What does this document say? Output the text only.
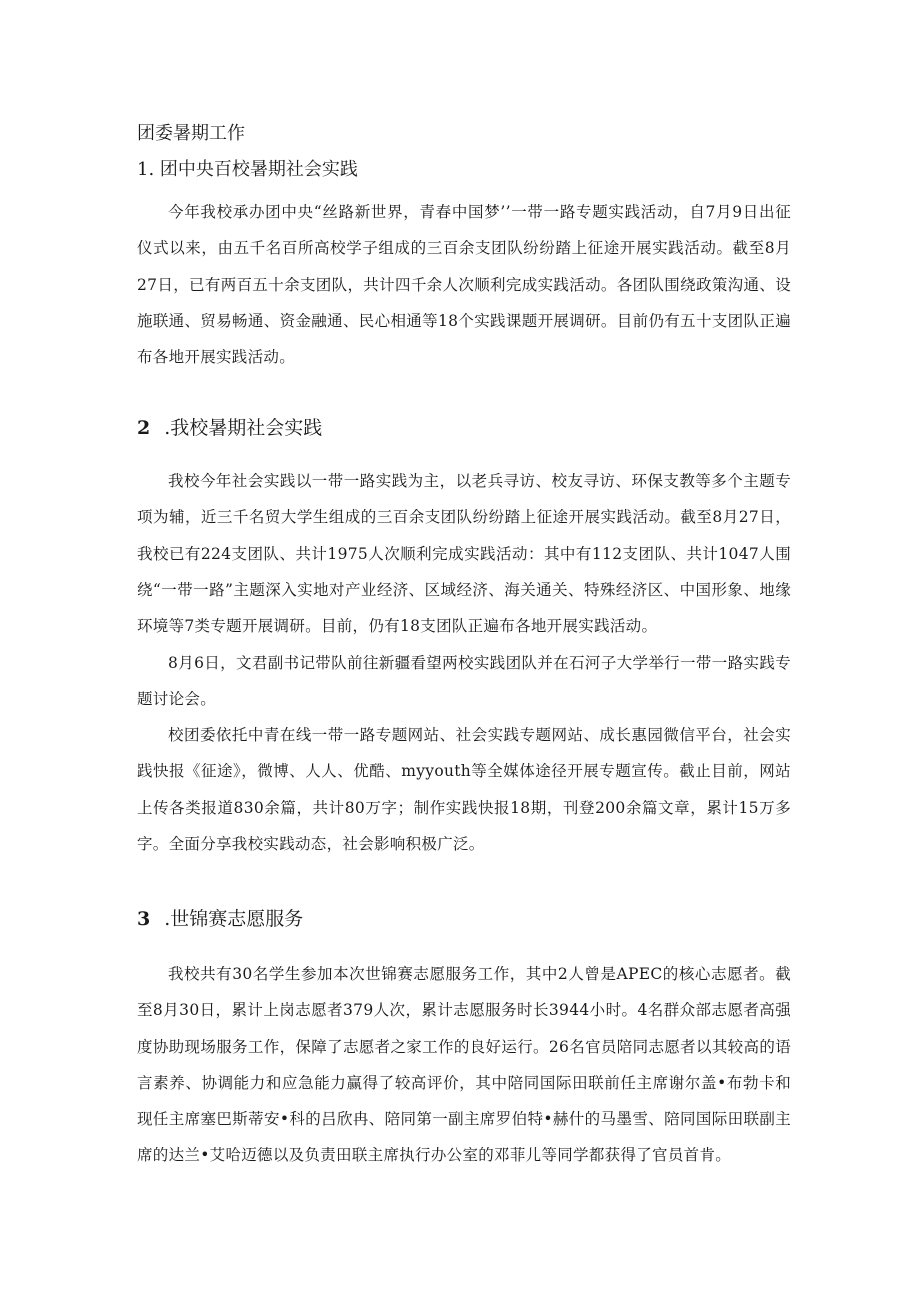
团委暑期工作
1. 团中央百校暑期社会实践

今年我校承办团中央“丝路新世界，青春中国梦’’一带一路专题实践活动，自7月9日出征仪式以来，由五千名百所高校学子组成的三百余支团队纷纷踏上征途开展实践活动。截至8月27日，已有两百五十余支团队，共计四千余人次顺利完成实践活动。各团队围绕政策沟通、设施联通、贸易畅通、资金融通、民心相通等18个实践课题开展调研。目前仍有五十支团队正遍布各地开展实践活动。

2 .我校暑期社会实践

我校今年社会实践以一带一路实践为主，以老兵寻访、校友寻访、环保支教等多个主题专项为辅，近三千名贸大学生组成的三百余支团队纷纷踏上征途开展实践活动。截至8月27日，我校已有224支团队、共计1975人次顺利完成实践活动：其中有112支团队、共计1047人围绕“一带一路”主题深入实地对产业经济、区域经济、海关通关、特殊经济区、中国形象、地缘环境等7类专题开展调研。目前，仍有18支团队正遍布各地开展实践活动。

8月6日，文君副书记带队前往新疆看望两校实践团队并在石河子大学举行一带一路实践专题讨论会。

校团委依托中青在线一带一路专题网站、社会实践专题网站、成长惠园微信平台，社会实践快报《征途》，微博、人人、优酷、myyouth等全媒体途径开展专题宣传。截止目前，网站上传各类报道830余篇，共计80万字；制作实践快报18期，刊登200余篇文章，累计15万多字。全面分享我校实践动态，社会影响积极广泛。

3 .世锦赛志愿服务

我校共有30名学生参加本次世锦赛志愿服务工作，其中2人曾是APEC的核心志愿者。截至8月30日，累计上岗志愿者379人次，累计志愿服务时长3944小时。4名群众部志愿者高强度协助现场服务工作，保障了志愿者之家工作的良好运行。26名官员陪同志愿者以其较高的语言素养、协调能力和应急能力赢得了较高评价，其中陪同国际田联前任主席谢尔盖•布勃卡和现任主席塞巴斯蒂安•科的吕欣冉、陪同第一副主席罗伯特•赫什的马墨雪、陪同国际田联副主席的达兰•艾哈迈德以及负责田联主席执行办公室的邓菲儿等同学都获得了官员首肯。
